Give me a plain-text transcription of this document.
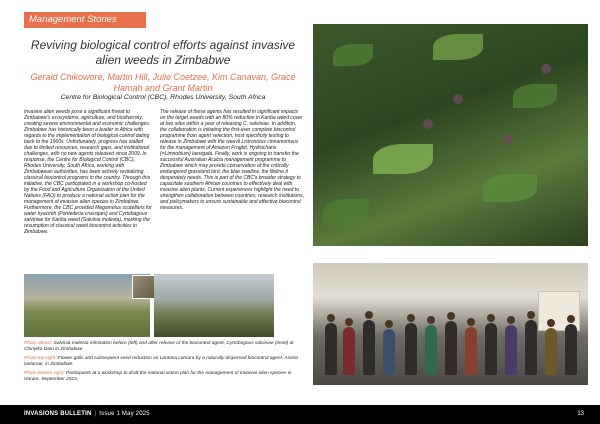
Management Stories
Reviving biological control efforts against invasive alien weeds in Zimbabwe
Gerald Chikowore, Martin Hill, Julie Coetzee, Kim Canavan, Grace Hamah and Grant Martin
Centre for Biological Control (CBC), Rhodes University, South Africa
Invasive alien weeds pose a significant threat to Zimbabwe's ecosystems, agriculture, and biodiversity, creating severe environmental and economic challenges. Zimbabwe has historically been a leader in Africa with regards to the implementation of biological control dating back to the 1960s. Unfortunately, progress has stalled due to limited resources, research gaps, and institutional challenges, with no new agents released since 2009. In response, the Centre for Biological Control (CBC), Rhodes University, South Africa, working with Zimbabwean authorities, has been actively revitalizing classical biocontrol programs in the country. Through this initiative, the CBC participated in a workshop co-hosted by the Food and Agriculture Organization of the United Nations (FAO) to produce a national action plan for the management of invasive alien species in Zimbabwe. Furthermore, the CBC provided Megamelus scutellaris for water hyacinth (Pontederia crassipes) and Cyrtobagous salviniae for Kariba weed (Salvinia molesta), marking the resumption of classical weed biocontrol activities in Zimbabwe.
The release of these agents has resulted in significant impacts on the target weeds with an 80% reduction in Kariba weed cover at two sites within a year of releasing C. salviniae. In addition, the collaboration is initiating the first-ever complete biocontrol programme from agent selection, host specificity testing to release in Zimbabwe with the weevil Listronotus cinnamomeus for the management of Amazon Frogbit, Hydrocharis (=Limnobium) laevigata. Finally, work is ongoing to transfer the successful Australian Acacia management programme to Zimbabwe which may provide conservation of the critically endangered grassland bird, the blue swallow, the lifeline it desperately needs. This is part of the CBC's broader strategy to capacitate southern African countries to effectively deal with invasive alien plants. Current experiences highlight the need to strengthen collaboration between countries, research institutions, and policymakers to ensure sustainable and effective biocontrol measures.
Photo above: Salvinia molesta infestation before (left) and after release of the biocontrol agent, Cyrtobagous salviniae (inset) at Chinyika Dam in Zimbabwe
Photo top right: Flower galls and subsequent seed reduction on Lantana camara by a naturally dispersed biocontrol agent, Aceria lantanae, in Zimbabwe.
Photo bottom right: Participants at a workshop to draft the national action plan for the management of invasive alien species in Harare, September 2023.
INVASIONS BULLETIN | Issue 1 May 2025	13
